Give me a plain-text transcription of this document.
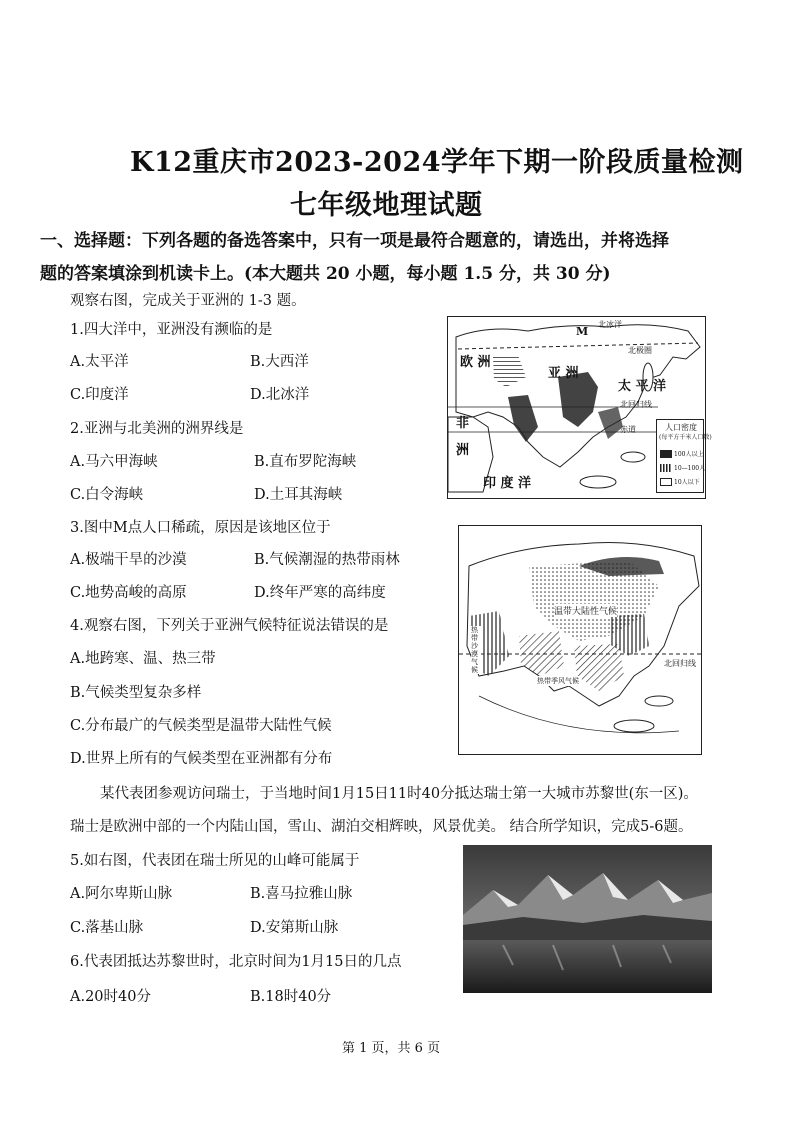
K12重庆市2023-2024学年下期一阶段质量检测
七年级地理试题
一、选择题：下列各题的备选答案中，只有一项是最符合题意的，请选出，并将选择
题的答案填涂到机读卡上。(本大题共 20 小题，每小题 1.5 分，共 30 分)
观察右图，完成关于亚洲的 1-3 题。
1.四大洋中，亚洲没有濒临的是
A.太平洋	B.大西洋
C.印度洋	D.北冰洋
2.亚洲与北美洲的洲界线是
A.马六甲海峡	B.直布罗陀海峡
C.白令海峡	D.土耳其海峡
3.图中M点人口稀疏，原因是该地区位于
A.极端干旱的沙漠	B.气候潮湿的热带雨林
C.地势高峻的高原	D.终年严寒的高纬度
4.观察右图，下列关于亚洲气候特征说法错误的是
A.地跨寒、温、热三带
B.气候类型复杂多样
C.分布最广的气候类型是温带大陆性气候
D.世界上所有的气候类型在亚洲都有分布
某代表团参观访问瑞士，于当地时间1月15日11时40分抵达瑞士第一大城市苏黎世(东一区)。
瑞士是欧洲中部的一个内陆山国，雪山、湖泊交相辉映，风景优美。 结合所学知识，完成5-6题。
5.如右图，代表团在瑞士所见的山峰可能属于
A.阿尔卑斯山脉	B.喜马拉雅山脉
C.落基山脉	D.安第斯山脉
6.代表团抵达苏黎世时，北京时间为1月15日的几点
A.20时40分	B.18时40分
欧 洲
亚 洲
非
洲
太 平 洋
印 度 洋
M
北极圈
北回归线
赤道
北冰洋
人口密度
(每平方千米人口数)
100人以上
10—100人
10人以下
温带大陆性气候
热带沙漠气候
热带季风气候
北回归线
第 1 页，共 6 页
